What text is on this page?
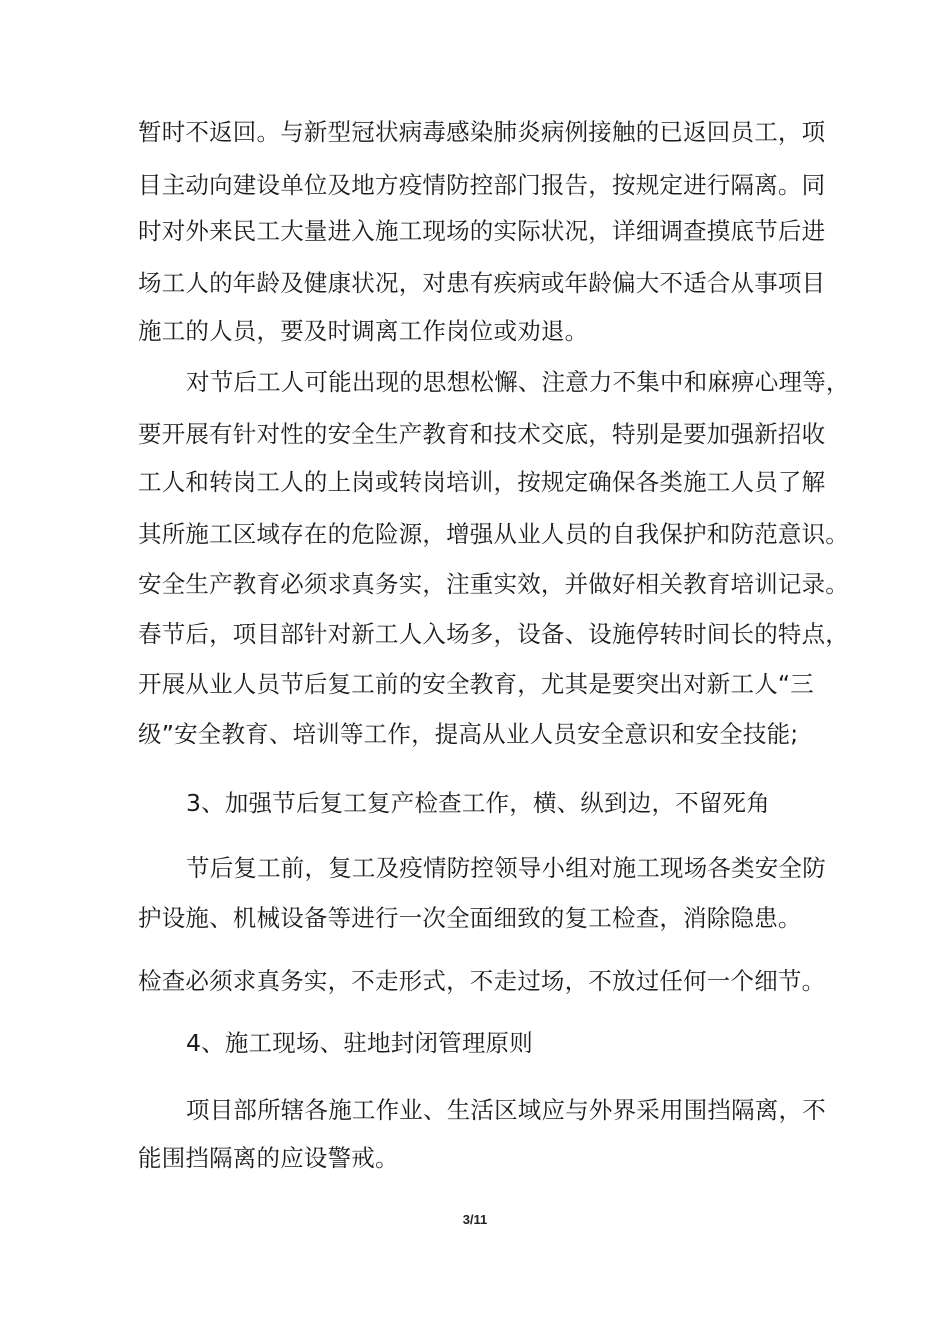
暂时不返回。与新型冠状病毒感染肺炎病例接触的已返回员工，项
目主动向建设单位及地方疫情防控部门报告，按规定进行隔离。同
时对外来民工大量进入施工现场的实际状况，详细调查摸底节后进
场工人的年龄及健康状况，对患有疾病或年龄偏大不适合从事项目
施工的人员，要及时调离工作岗位或劝退。
对节后工人可能出现的思想松懈、注意力不集中和麻痹心理等，
要开展有针对性的安全生产教育和技术交底，特别是要加强新招收
工人和转岗工人的上岗或转岗培训，按规定确保各类施工人员了解
其所施工区域存在的危险源，增强从业人员的自我保护和防范意识。
安全生产教育必须求真务实，注重实效，并做好相关教育培训记录。
春节后，项目部针对新工人入场多，设备、设施停转时间长的特点，
开展从业人员节后复工前的安全教育，尤其是要突出对新工人“三
级”安全教育、培训等工作，提高从业人员安全意识和安全技能;
3、加强节后复工复产检查工作，横、纵到边，不留死角
节后复工前，复工及疫情防控领导小组对施工现场各类安全防
护设施、机械设备等进行一次全面细致的复工检查，消除隐患。
检查必须求真务实，不走形式，不走过场，不放过任何一个细节。
4、施工现场、驻地封闭管理原则
项目部所辖各施工作业、生活区域应与外界采用围挡隔离，不
能围挡隔离的应设警戒。
3/11
